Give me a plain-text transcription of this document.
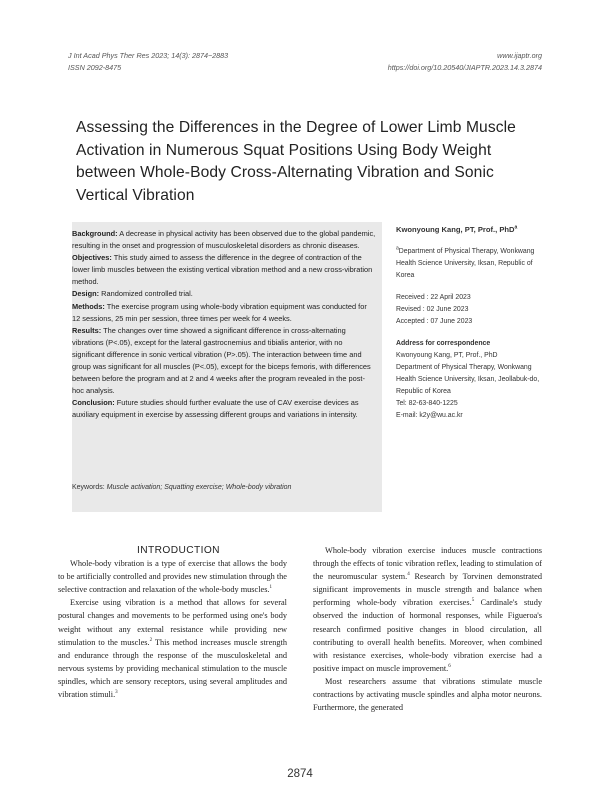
J Int Acad Phys Ther Res 2023; 14(3): 2874~2883
ISSN 2092-8475
www.ijaptr.org
https://doi.org/10.20540/JIAPTR.2023.14.3.2874
Assessing the Differences in the Degree of Lower Limb Muscle Activation in Numerous Squat Positions Using Body Weight between Whole-Body Cross-Alternating Vibration and Sonic Vertical Vibration

Background: A decrease in physical activity has been observed due to the global pandemic, resulting in the onset and progression of musculoskeletal disorders as chronic diseases.

Objectives: This study aimed to assess the difference in the degree of contraction of the lower limb muscles between the existing vertical vibration method and a new cross-vibration method.

Design: Randomized controlled trial.

Methods: The exercise program using whole-body vibration equipment was conducted for 12 sessions, 25 min per session, three times per week for 4 weeks.

Results: The changes over time showed a significant difference in cross-alternating vibrations (P<.05), except for the lateral gastrocnemius and tibialis anterior, with no significant difference in sonic vertical vibration (P>.05). The interaction between time and group was significant for all muscles (P<.05), except for the biceps femoris, with differences between before the program and at 2 and 4 weeks after the program revealed in the post-hoc analysis.

Conclusion: Future studies should further evaluate the use of CAV exercise devices as auxiliary equipment in exercise by assessing different groups and variations in intensity.

Keywords: Muscle activation; Squatting exercise; Whole-body vibration

Kwonyoung Kang, PT, Prof., PhD$^a$

$^a$Department of Physical Therapy, Wonkwang Health Science University, Iksan, Republic of Korea

Received : 22 April 2023

Revised : 02 June 2023

Accepted : 07 June 2023

Address for correspondence

Kwonyoung Kang, PT, Prof., PhD

Department of Physical Therapy, Wonkwang Health Science University, Iksan, Jeollabuk-do, Republic of Korea

Tel: 82-63-840-1225

E-mail: k2y@wu.ac.kr

INTRODUCTION

Whole-body vibration is a type of exercise that allows the body to be artificially controlled and provides new stimulation through the selective contraction and relaxation of the whole-body muscles.$^1$

Exercise using vibration is a method that allows for several postural changes and movements to be performed using one's body weight without any external resistance while providing new stimulation to the muscles.$^2$ This method increases muscle strength and endurance through the response of the musculoskeletal and nervous systems by providing mechanical stimulation to the muscle spindles, which are sensory receptors, using several amplitudes and vibration stimuli.$^3$

Whole-body vibration exercise induces muscle contractions through the effects of tonic vibration reflex, leading to stimulation of the neuromuscular system.$^4$ Research by Torvinen demonstrated significant improvements in muscle strength and balance when performing whole-body vibration exercises.$^5$ Cardinale's study observed the induction of hormonal responses, while Figueroa's research confirmed positive changes in blood circulation, all contributing to overall health benefits. Moreover, when combined with resistance exercises, whole-body vibration exercise had a positive impact on muscle improvement.$^6$

Most researchers assume that vibrations stimulate muscle contractions by activating muscle spindles and alpha motor neurons. Furthermore, the generated

2874
